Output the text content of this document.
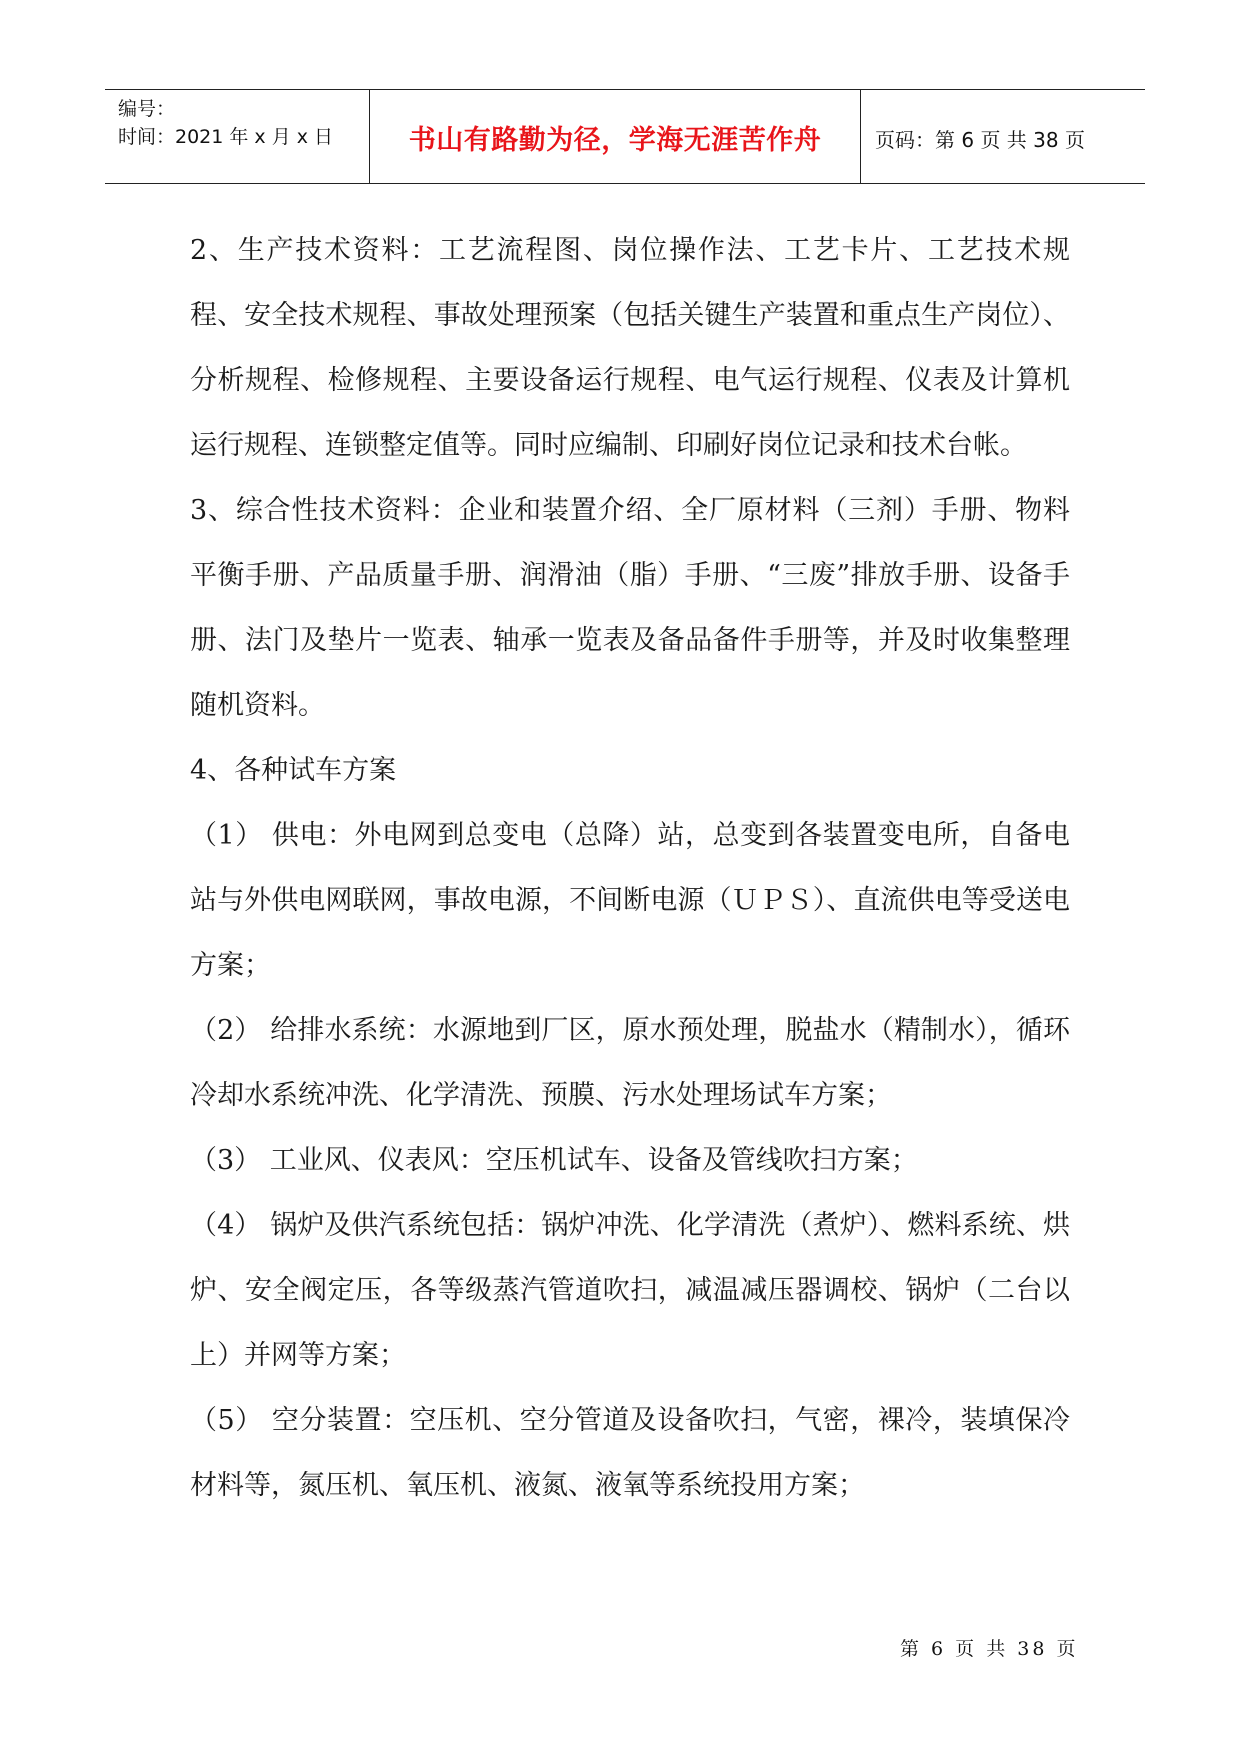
编号：
时间：2021 年 x 月 x 日	书山有路勤为径，学海无涯苦作舟	页码：第 6 页 共 38 页

2、生产技术资料：工艺流程图、岗位操作法、工艺卡片、工艺技术规程、安全技术规程、事故处理预案（包括关键生产装置和重点生产岗位）、分析规程、检修规程、主要设备运行规程、电气运行规程、仪表及计算机运行规程、连锁整定值等。同时应编制、印刷好岗位记录和技术台帐。

3、综合性技术资料：企业和装置介绍、全厂原材料（三剂）手册、物料平衡手册、产品质量手册、润滑油（脂）手册、“三废”排放手册、设备手册、法门及垫片一览表、轴承一览表及备品备件手册等，并及时收集整理随机资料。

4、各种试车方案

（1） 供电：外电网到总变电（总降）站，总变到各装置变电所，自备电站与外供电网联网，事故电源，不间断电源（ＵＰＳ）、直流供电等受送电方案；

（2） 给排水系统：水源地到厂区，原水预处理，脱盐水（精制水），循环冷却水系统冲洗、化学清洗、预膜、污水处理场试车方案；

（3） 工业风、仪表风：空压机试车、设备及管线吹扫方案；

（4） 锅炉及供汽系统包括：锅炉冲洗、化学清洗（煮炉）、燃料系统、烘炉、安全阀定压，各等级蒸汽管道吹扫，减温减压器调校、锅炉（二台以上）并网等方案；

（5） 空分装置：空压机、空分管道及设备吹扫，气密，裸冷，装填保冷材料等，氮压机、氧压机、液氮、液氧等系统投用方案；

第 6 页 共 38 页
